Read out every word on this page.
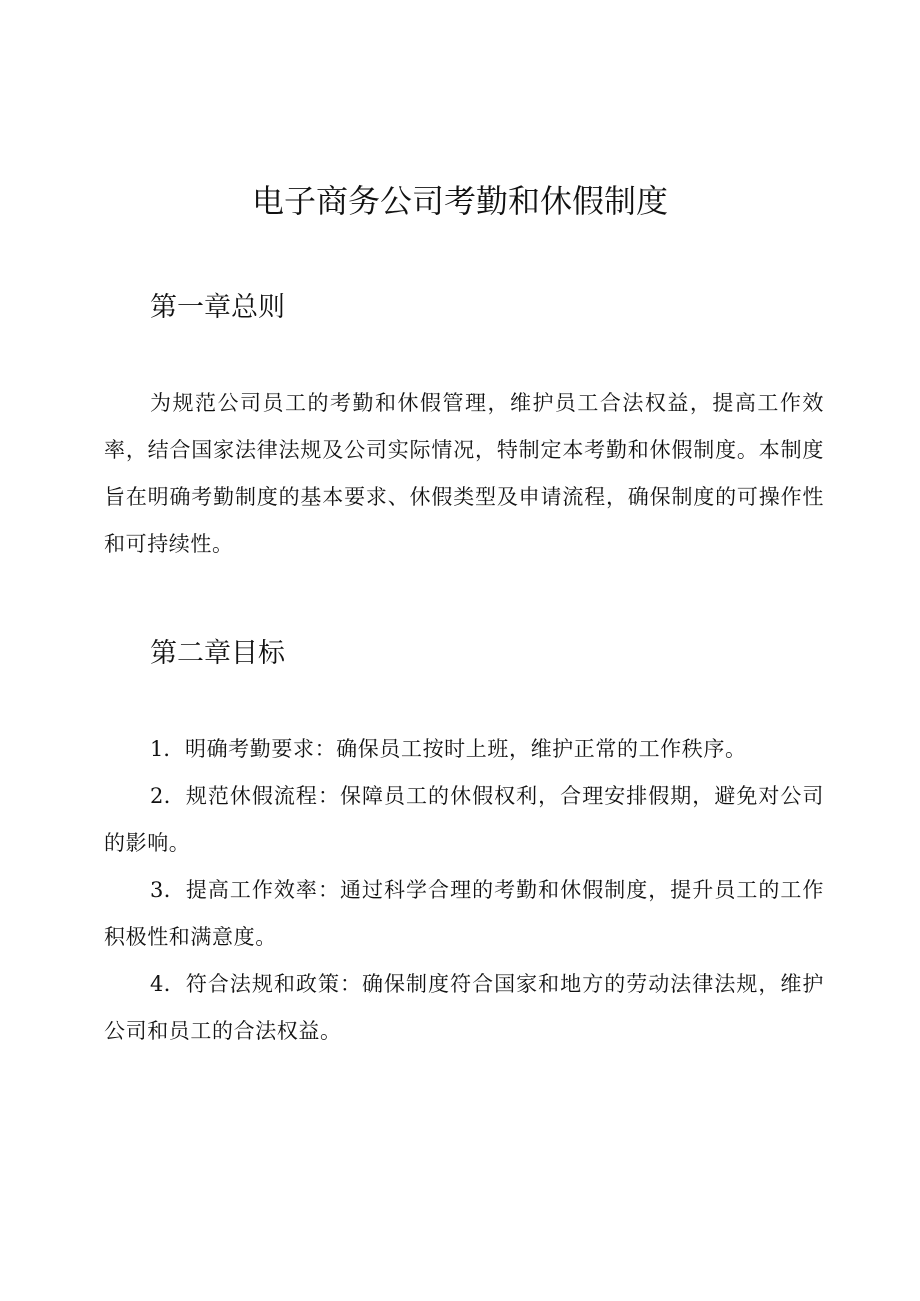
电子商务公司考勤和休假制度
第一章总则

为规范公司员工的考勤和休假管理，维护员工合法权益，提高工作效率，结合国家法律法规及公司实际情况，特制定本考勤和休假制度。本制度旨在明确考勤制度的基本要求、休假类型及申请流程，确保制度的可操作性和可持续性。

第二章目标
1．明确考勤要求：确保员工按时上班，维护正常的工作秩序。
2．规范休假流程：保障员工的休假权利，合理安排假期，避免对公司的影响。
3．提高工作效率：通过科学合理的考勤和休假制度，提升员工的工作积极性和满意度。
4．符合法规和政策：确保制度符合国家和地方的劳动法律法规，维护公司和员工的合法权益。
